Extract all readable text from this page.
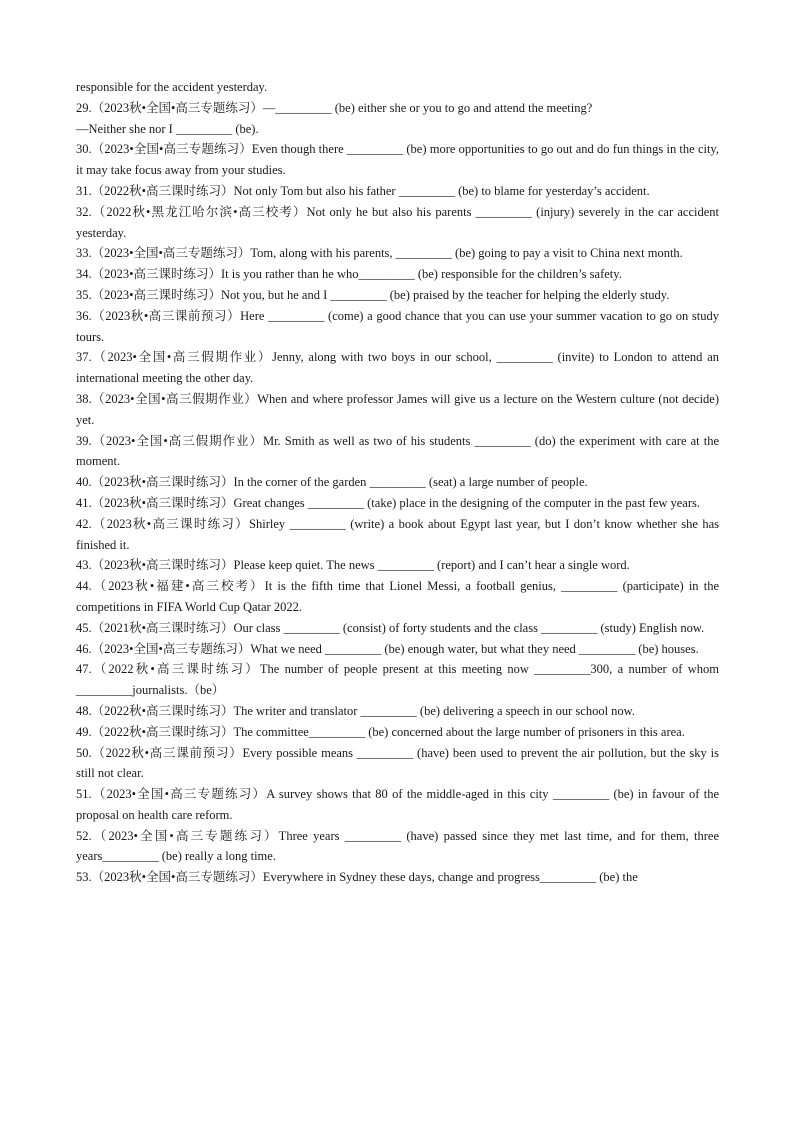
responsible for the accident yesterday.

29.（2023秋•全国•高三专题练习）—_________ (be) either she or you to go and attend the meeting?

—Neither she nor I _________ (be).

30.（2023•全国•高三专题练习）Even though there _________ (be) more opportunities to go out and do fun things in the city, it may take focus away from your studies.

31.（2022秋•高三课时练习）Not only Tom but also his father _________ (be) to blame for yesterday’s accident.

32.（2022秋•黑龙江哈尔滨•高三校考）Not only he but also his parents _________ (injury) severely in the car accident yesterday.

33.（2023•全国•高三专题练习）Tom, along with his parents, _________ (be) going to pay a visit to China next month.

34.（2023•高三课时练习）It is you rather than he who_________ (be) responsible for the children’s safety.

35.（2023•高三课时练习）Not you, but he and I _________ (be) praised by the teacher for helping the elderly study.

36.（2023秋•高三课前预习）Here _________ (come) a good chance that you can use your summer vacation to go on study tours.

37.（2023•全国•高三假期作业）Jenny, along with two boys in our school, _________ (invite) to London to attend an international meeting the other day.

38.（2023•全国•高三假期作业）When and where professor James will give us a lecture on the Western culture (not decide) yet.

39.（2023•全国•高三假期作业）Mr. Smith as well as two of his students _________ (do) the experiment with care at the moment.

40.（2023秋•高三课时练习）In the corner of the garden _________ (seat) a large number of people.

41.（2023秋•高三课时练习）Great changes _________ (take) place in the designing of the computer in the past few years.

42.（2023秋•高三课时练习）Shirley _________ (write) a book about Egypt last year, but I don’t know whether she has finished it.

43.（2023秋•高三课时练习）Please keep quiet. The news _________ (report) and I can’t hear a single word.

44.（2023秋•福建•高三校考）It is the fifth time that Lionel Messi, a football genius, _________ (participate) in the competitions in FIFA World Cup Qatar 2022.

45.（2021秋•高三课时练习）Our class _________ (consist) of forty students and the class _________ (study) English now.

46.（2023•全国•高三专题练习）What we need _________ (be) enough water, but what they need _________ (be) houses.

47.（2022秋•高三课时练习）The number of people present at this meeting now _________300, a number of whom _________journalists.（be）

48.（2022秋•高三课时练习）The writer and translator _________ (be) delivering a speech in our school now.

49.（2022秋•高三课时练习）The committee_________ (be) concerned about the large number of prisoners in this area.

50.（2022秋•高三课前预习）Every possible means _________ (have) been used to prevent the air pollution, but the sky is still not clear.

51.（2023•全国•高三专题练习）A survey shows that 80 of the middle-aged in this city _________ (be) in favour of the proposal on health care reform.

52.（2023•全国•高三专题练习）Three years _________ (have) passed since they met last time, and for them, three years_________ (be) really a long time.

53.（2023秋•全国•高三专题练习）Everywhere in Sydney these days, change and progress_________ (be) the
